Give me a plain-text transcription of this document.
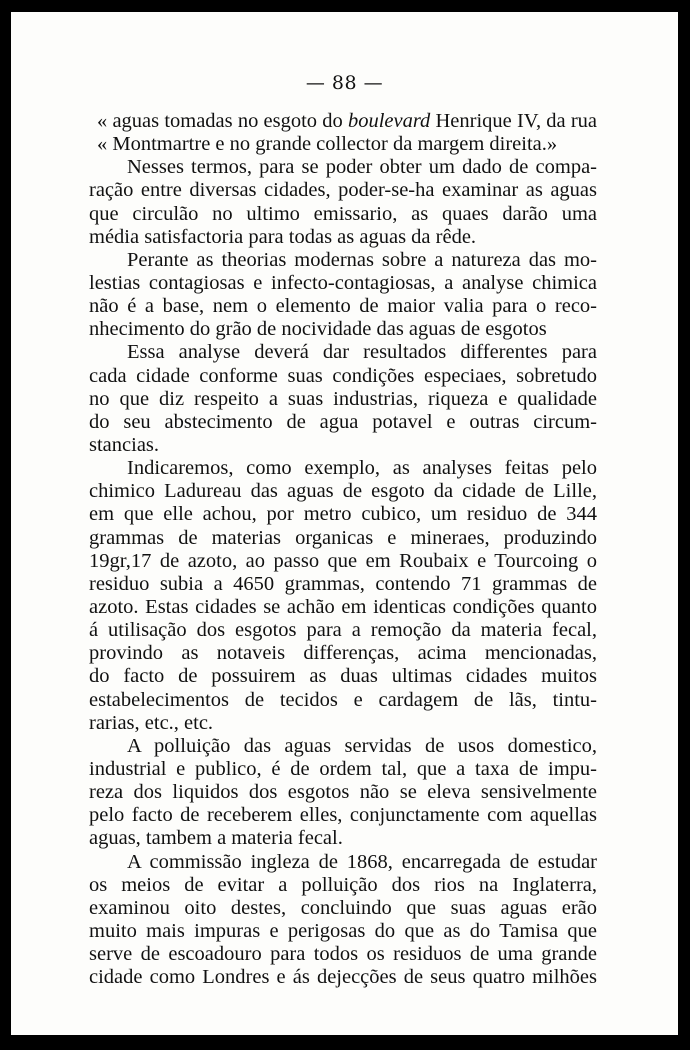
— 88 —
« aguas tomadas no esgoto do boulevard Henrique IV, da rua
« Montmartre e no grande collector da margem direita.»
Nesses termos, para se poder obter um dado de compa-
ração entre diversas cidades, poder-se-ha examinar as aguas
que circulão no ultimo emissario, as quaes darão uma
média satisfactoria para todas as aguas da rêde.
Perante as theorias modernas sobre a natureza das mo-
lestias contagiosas e infecto-contagiosas, a analyse chimica
não é a base, nem o elemento de maior valia para o reco-
nhecimento do grão de nocividade das aguas de esgotos
Essa analyse deverá dar resultados differentes para
cada cidade conforme suas condições especiaes, sobretudo
no que diz respeito a suas industrias, riqueza e qualidade
do seu abstecimento de agua potavel e outras circum-
stancias.
Indicaremos, como exemplo, as analyses feitas pelo
chimico Ladureau das aguas de esgoto da cidade de Lille,
em que elle achou, por metro cubico, um residuo de 344
grammas de materias organicas e mineraes, produzindo
19gr,17 de azoto, ao passo que em Roubaix e Tourcoing o
residuo subia a 4650 grammas, contendo 71 grammas de
azoto. Estas cidades se achão em identicas condições quanto
á utilisação dos esgotos para a remoção da materia fecal,
provindo as notaveis differenças, acima mencionadas,
do facto de possuirem as duas ultimas cidades muitos
estabelecimentos de tecidos e cardagem de lãs, tintu-
rarias, etc., etc.
A polluição das aguas servidas de usos domestico,
industrial e publico, é de ordem tal, que a taxa de impu-
reza dos liquidos dos esgotos não se eleva sensivelmente
pelo facto de receberem elles, conjunctamente com aquellas
aguas, tambem a materia fecal.
A commissão ingleza de 1868, encarregada de estudar
os meios de evitar a polluição dos rios na Inglaterra,
examinou oito destes, concluindo que suas aguas erão
muito mais impuras e perigosas do que as do Tamisa que
serve de escoadouro para todos os residuos de uma grande
cidade como Londres e ás dejecções de seus quatro milhões
